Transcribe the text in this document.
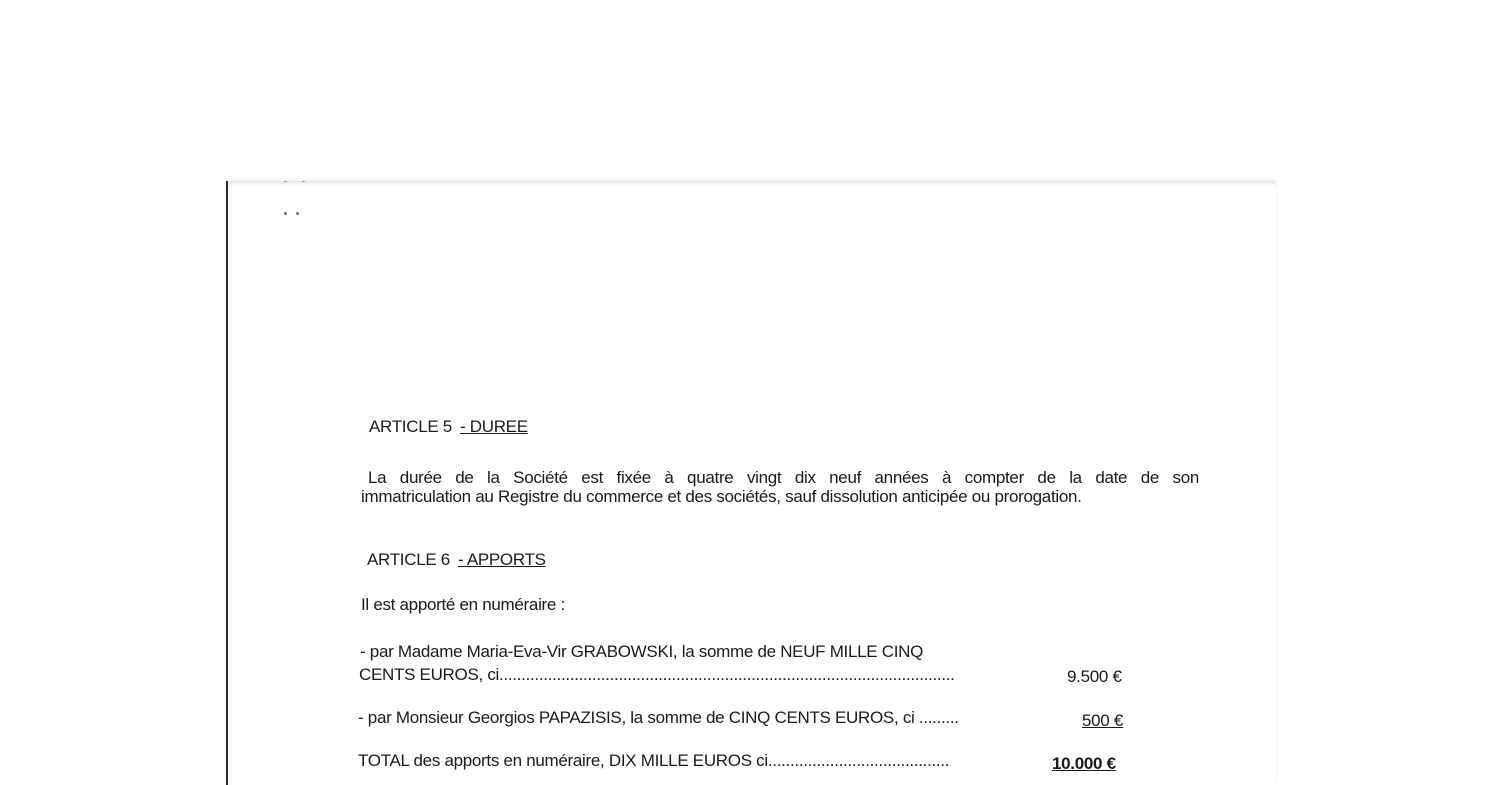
ARTICLE 5 - DUREE
La durée de la Société est fixée à quatre vingt dix neuf années à compter de la date de son
immatriculation au Registre du commerce et des sociétés, sauf dissolution anticipée ou prorogation.
ARTICLE 6 - APPORTS
Il est apporté en numéraire :
- par Madame Maria-Eva-Vir GRABOWSKI, la somme de NEUF MILLE CINQ
CENTS EUROS, ci.......................................................................................................	9.500 €
- par Monsieur Georgios PAPAZISIS, la somme de CINQ CENTS EUROS, ci .........	500 €
TOTAL des apports en numéraire, DIX MILLE EUROS ci.........................................	10.000 €
